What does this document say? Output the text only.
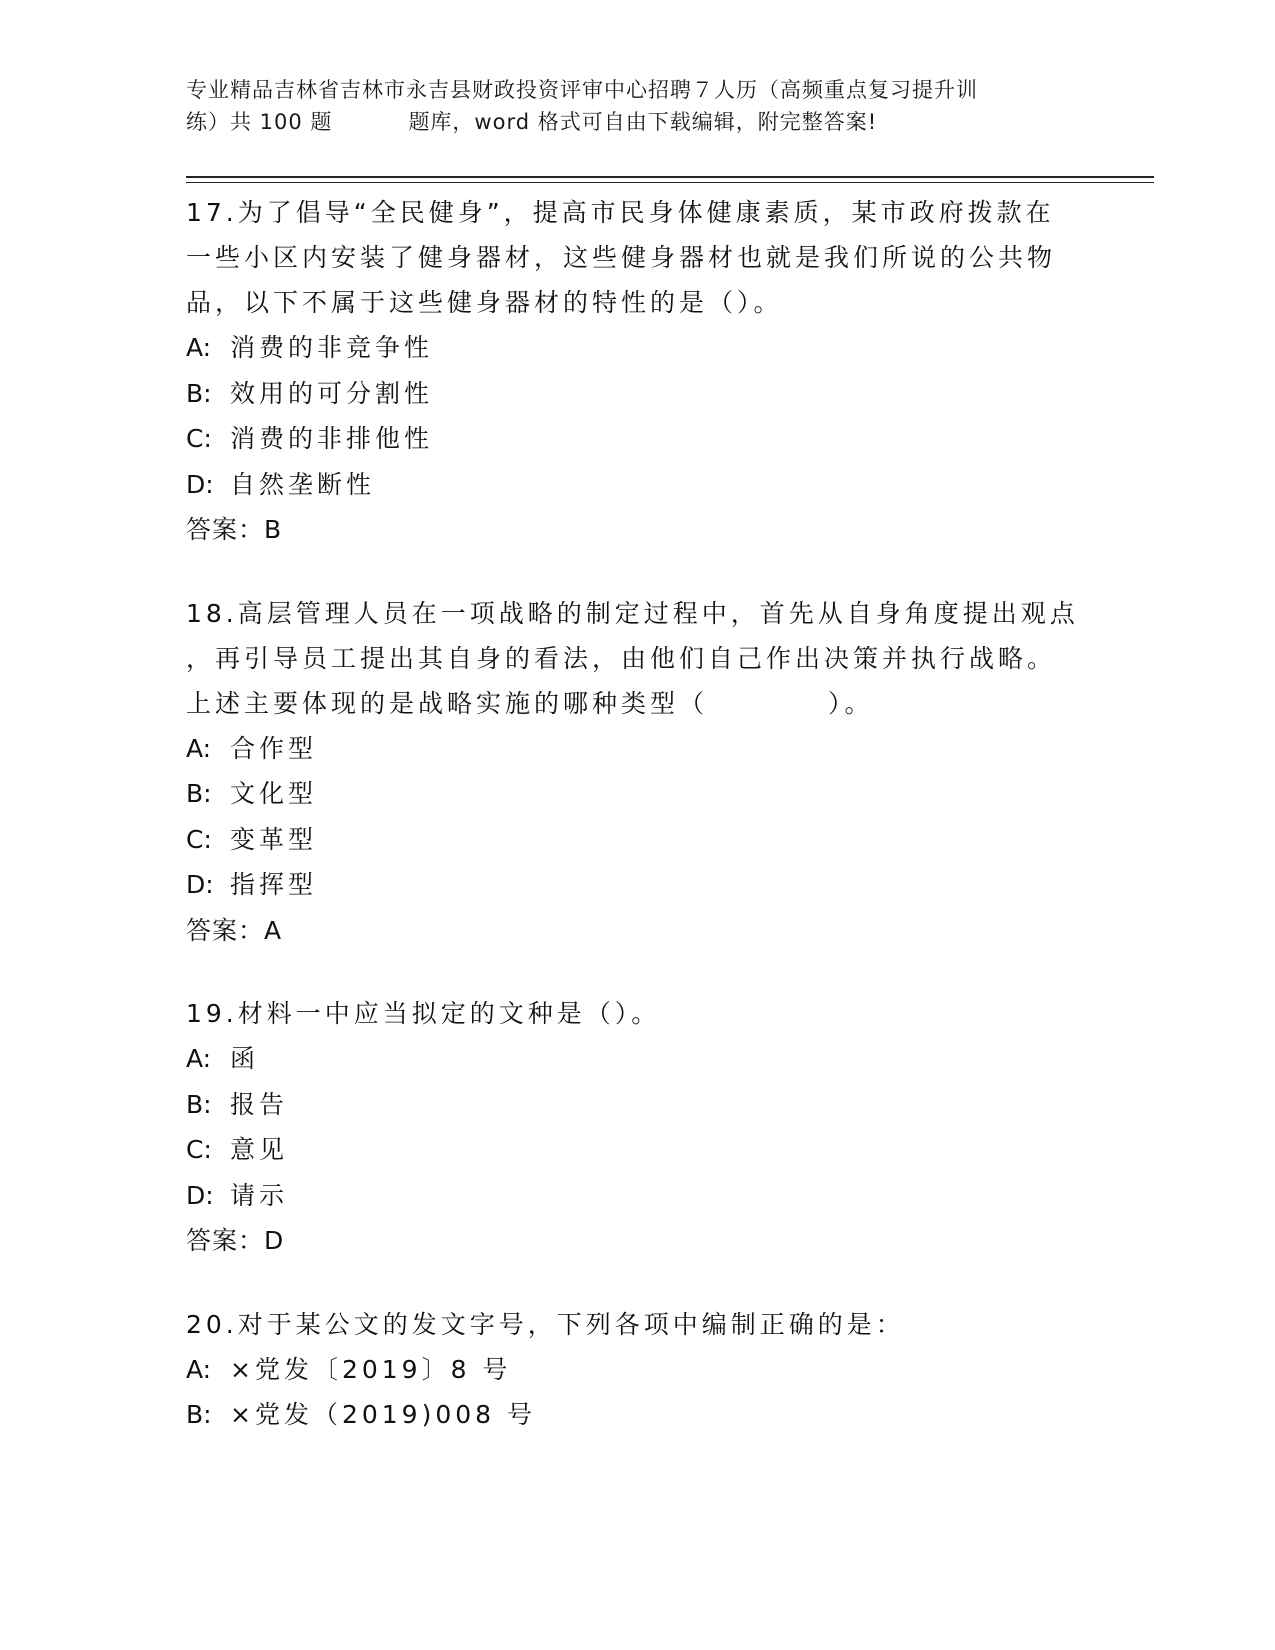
专业精品吉林省吉林市永吉县财政投资评审中心招聘７人历（高频重点复习提升训
练）共 100 题	题库，word 格式可自由下载编辑，附完整答案!

17.为了倡导“全民健身”，提高市民身体健康素质，某市政府拨款在

一些小区内安装了健身器材，这些健身器材也就是我们所说的公共物

品，以下不属于这些健身器材的特性的是（）。

A: 消费的非竞争性

B: 效用的可分割性

C: 消费的非排他性

D: 自然垄断性

答案：B

18.高层管理人员在一项战略的制定过程中，首先从自身角度提出观点

，再引导员工提出其自身的看法，由他们自己作出决策并执行战略。

上述主要体现的是战略实施的哪种类型（	）。

A: 合作型

B: 文化型

C: 变革型

D: 指挥型

答案：A

19.材料一中应当拟定的文种是（）。

A: 函

B: 报告

C: 意见

D: 请示

答案：D

20.对于某公文的发文字号，下列各项中编制正确的是：

A: ×党发〔2019〕8 号

B: ×党发（2019)008 号
